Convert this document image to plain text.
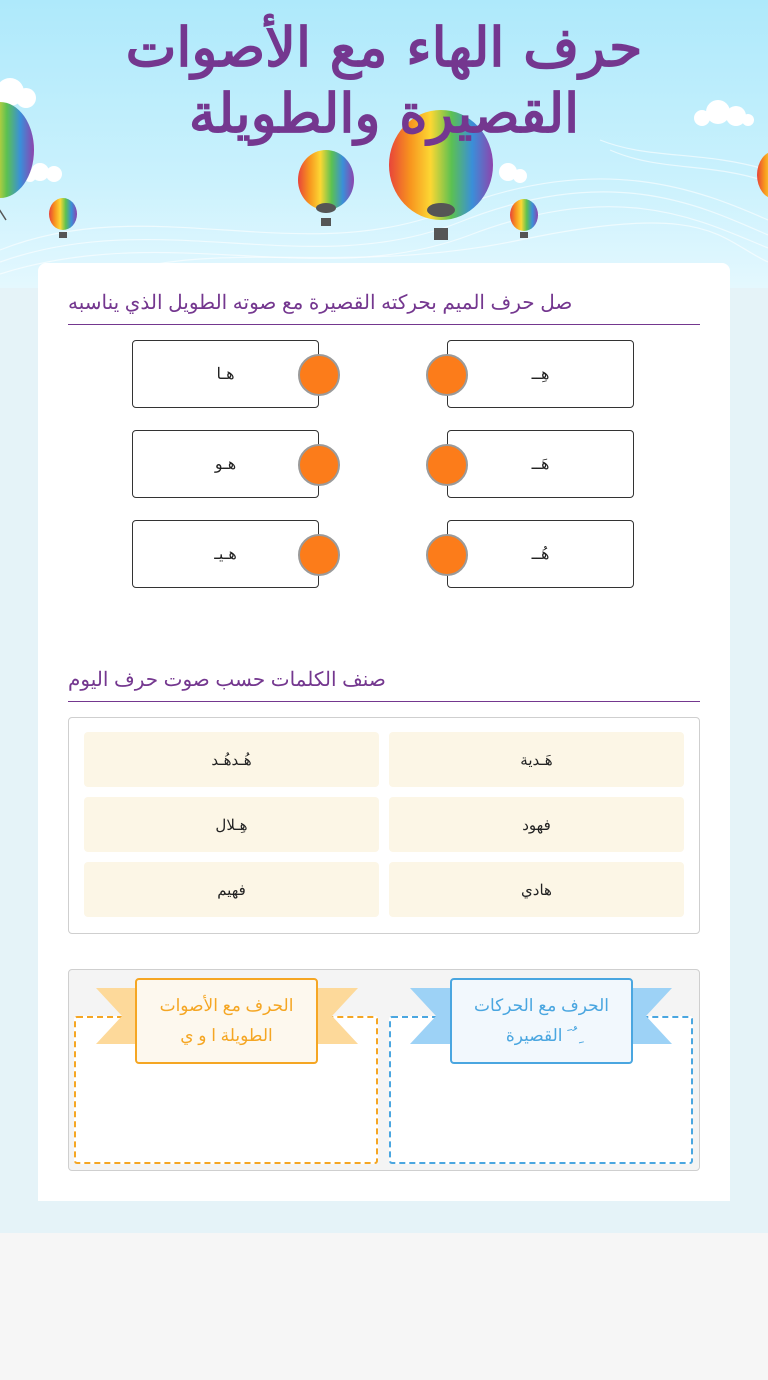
حرف الهاء مع الأصوات
القصيرة والطويلة
صل حرف الميم بحركته القصيرة مع صوته الطويل الذي يناسبه
هِــ
هَــ
هُــ
هـا
هـو
هـيـ
صنف الكلمات حسب صوت حرف اليوم
هَـدية
هُـدهُـد
فهود
هِـلال
هادي
فهيم
الحرف مع الحركات
ِ ُ َ القصيرة
الحرف مع الأصوات
الطويلة ا و ي
